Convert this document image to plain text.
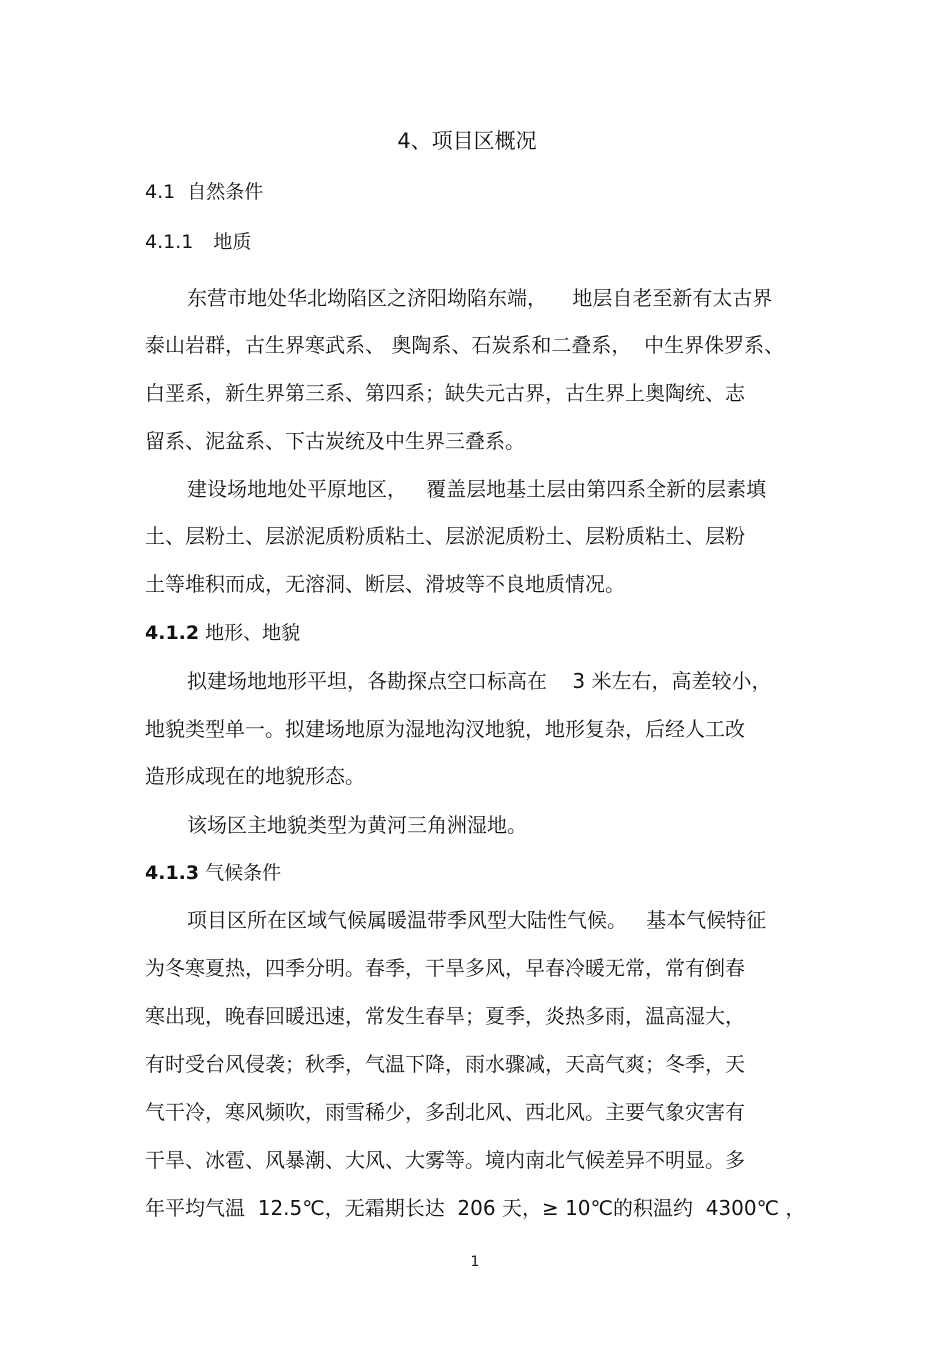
4、项目区概况
4.1 自然条件
4.1.1 地质
东营市地处华北坳陷区之济阳坳陷东端，    地层自老至新有太古界
泰山岩群，古生界寒武系、 奥陶系、石炭系和二叠系，  中生界侏罗系、
白垩系，新生界第三系、第四系；缺失元古界，古生界上奥陶统、志
留系、泥盆系、下古炭统及中生界三叠系。
建设场地地处平原地区，   覆盖层地基土层由第四系全新的层素填
土、层粉土、层淤泥质粉质粘土、层淤泥质粉土、层粉质粘土、层粉
土等堆积而成，无溶洞、断层、滑坡等不良地质情况。
4.1.2 地形、地貌
拟建场地地形平坦，各勘探点空口标高在    3 米左右，高差较小，
地貌类型单一。拟建场地原为湿地沟汊地貌，地形复杂，后经人工改
造形成现在的地貌形态。
该场区主地貌类型为黄河三角洲湿地。
4.1.3 气候条件
项目区所在区域气候属暖温带季风型大陆性气候。   基本气候特征
为冬寒夏热，四季分明。春季，干旱多风，早春冷暖无常，常有倒春
寒出现，晚春回暖迅速，常发生春旱；夏季，炎热多雨，温高湿大，
有时受台风侵袭；秋季，气温下降，雨水骤减，天高气爽；冬季，天
气干冷，寒风频吹，雨雪稀少，多刮北风、西北风。主要气象灾害有
干旱、冰雹、风暴潮、大风、大雾等。境内南北气候差异不明显。多
年平均气温  12.5℃，无霜期长达  206 天，≥ 10℃的积温约  4300℃ ，
1
